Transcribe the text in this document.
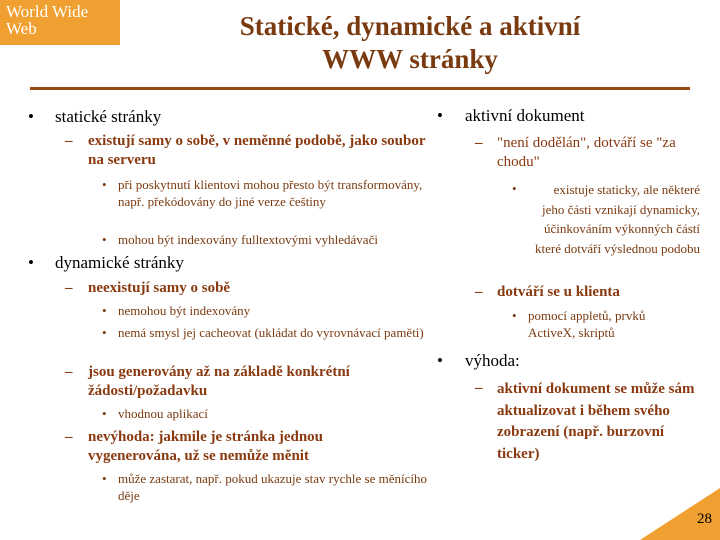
World Wide
Web	Statické, dynamické a aktivní
WWW stránky
• statické stránky
– existují samy o sobě, v neměnné podobě, jako soubor na serveru
• při poskytnutí klientovi mohou přesto být transformovány, např. překódovány do jiné verze češtiny
• mohou být indexovány fulltextovými vyhledávači
• dynamické stránky
– neexistují samy o sobě
• nemohou být indexovány
• nemá smysl jej cacheovat (ukládat do vyrovnávací paměti)
– jsou generovány až na základě konkrétní žádosti/požadavku
• vhodnou aplikací
– nevýhoda: jakmile je stránka jednou vygenerována, už se nemůže měnit
• může zastarat, např. pokud ukazuje stav rychle se měnícího děje
• aktivní dokument
– "není dodělán", dotváří se "za chodu"
•	existuje staticky, ale některé jeho části vznikají dynamicky, účinkováním výkonných částí které dotváří výslednou podobu
– dotváří se u klienta
• pomocí appletů, prvků ActiveX, skriptů
• výhoda:
– aktivní dokument se může sám aktualizovat i během svého zobrazení (např. burzovní ticker)
28
